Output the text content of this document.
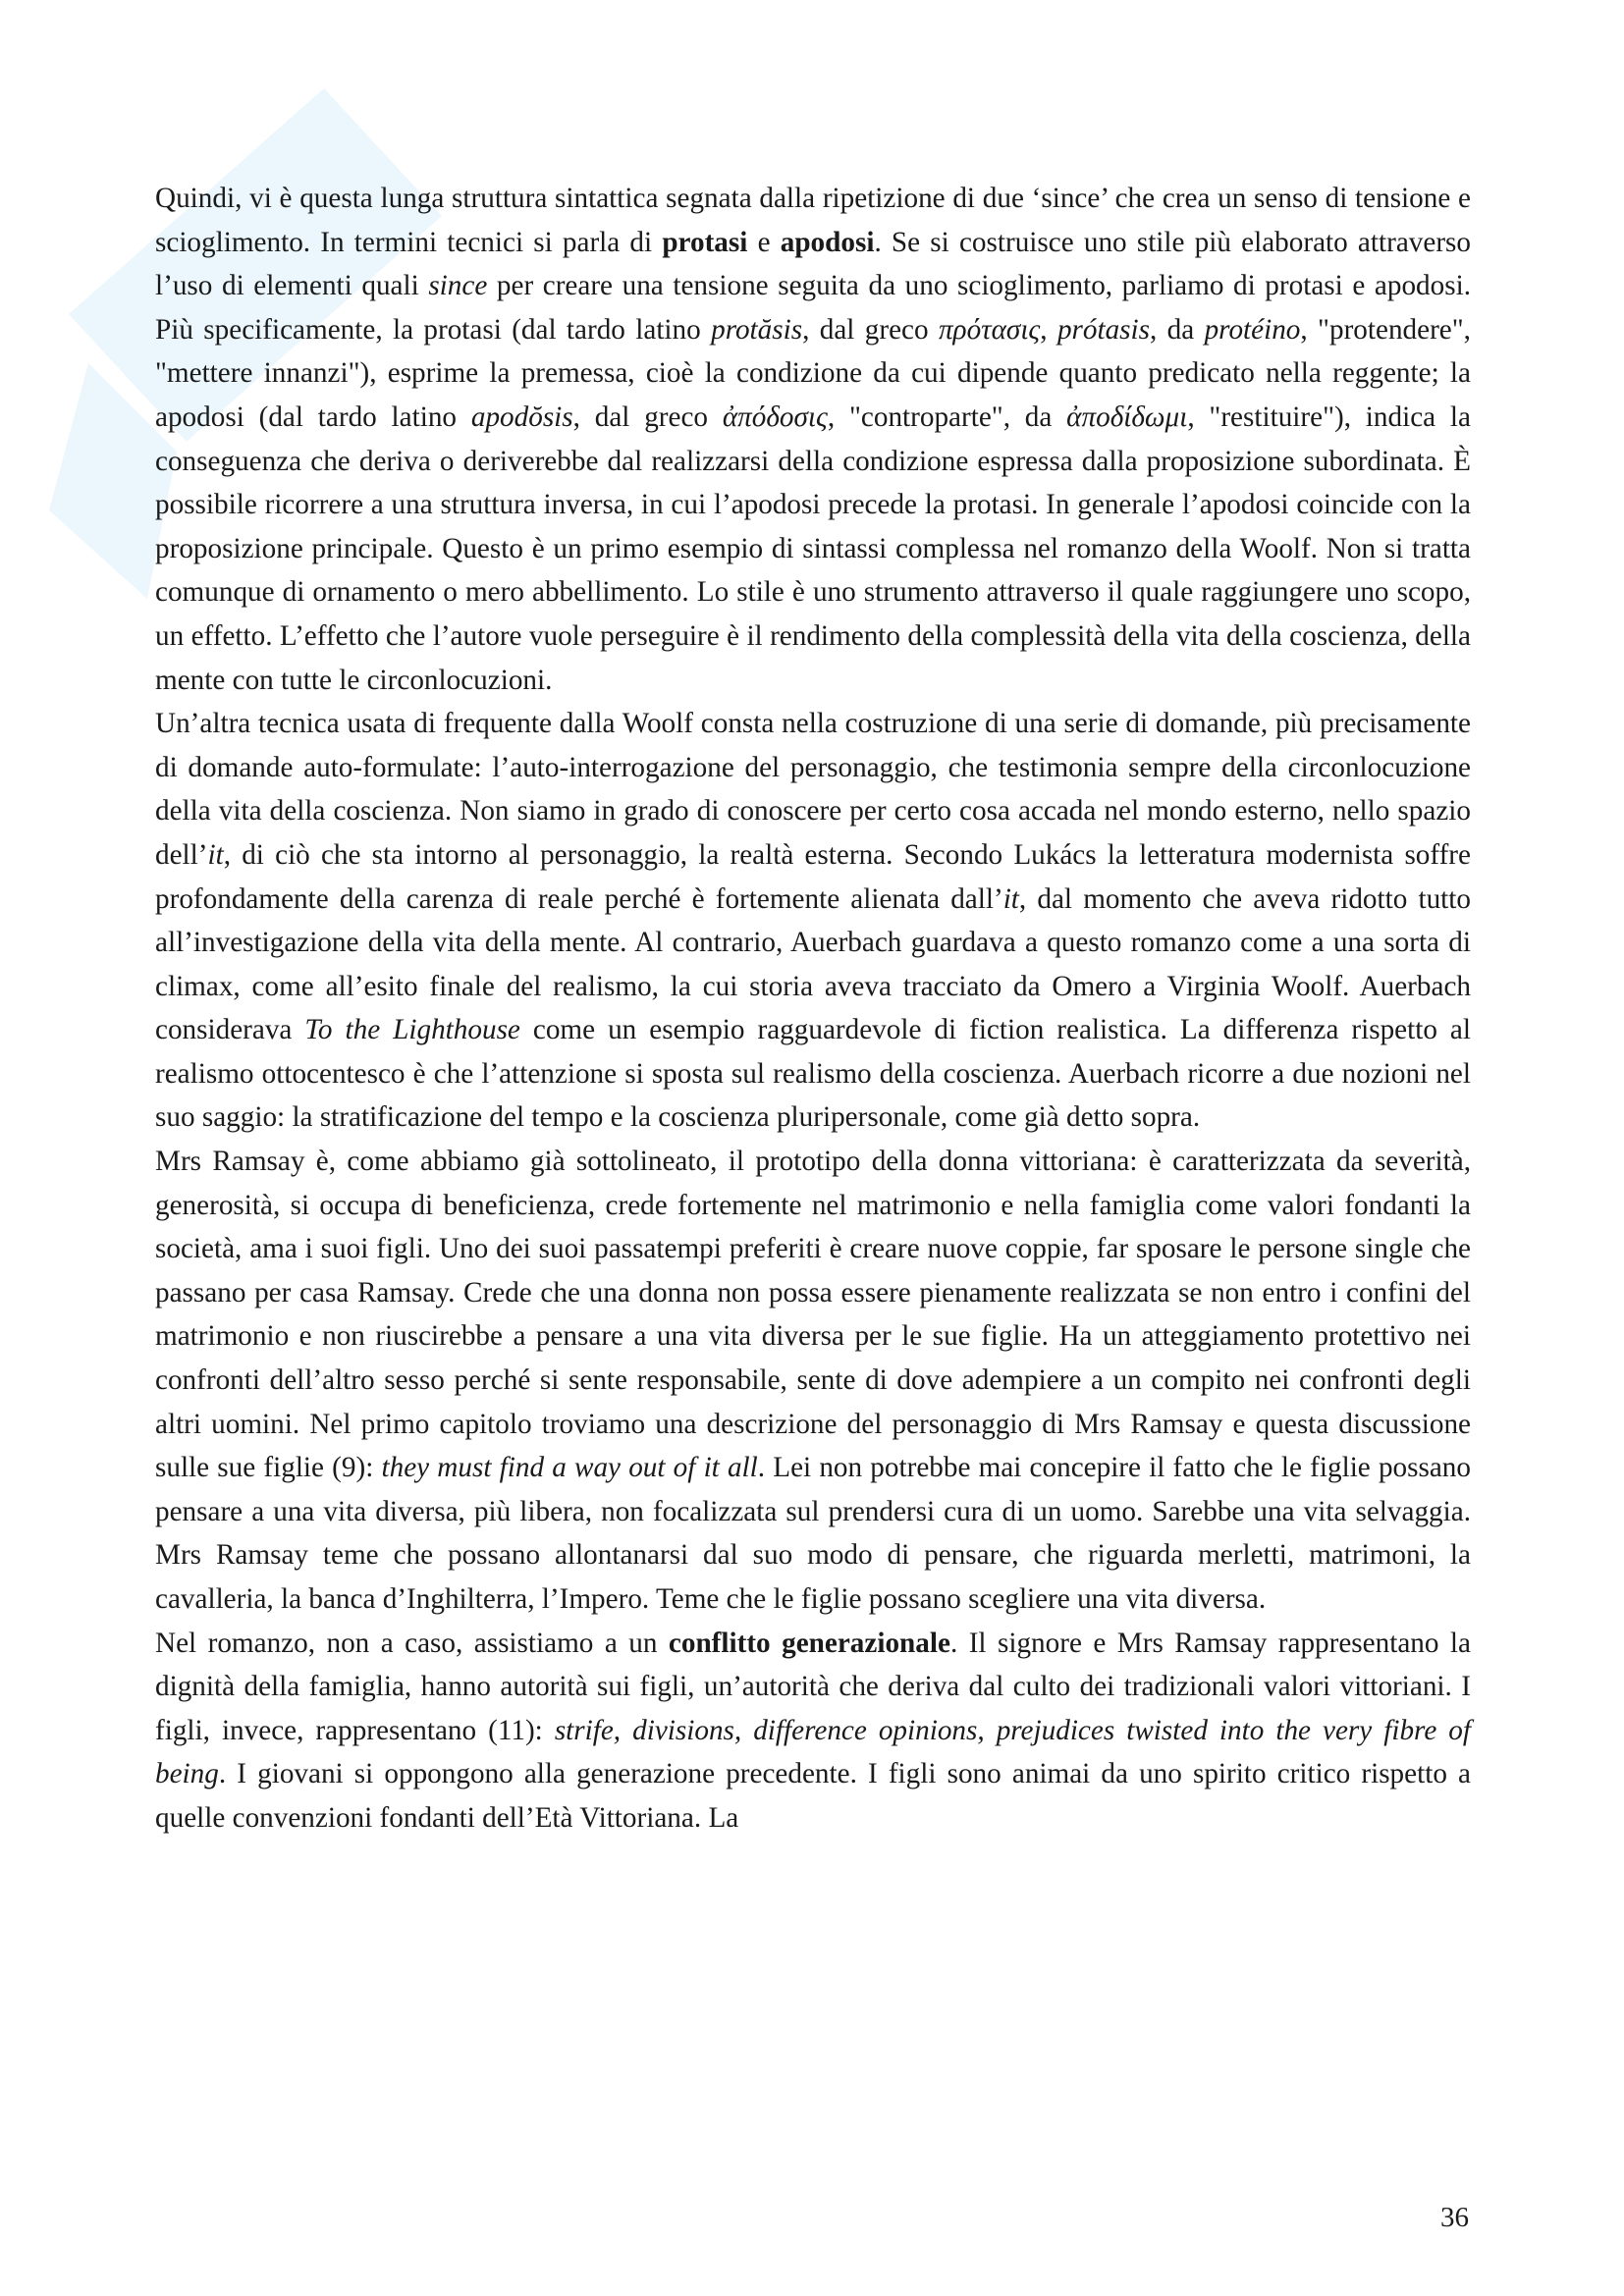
Quindi, vi è questa lunga struttura sintattica segnata dalla ripetizione di due ‘since’ che crea un senso di tensione e scioglimento. In termini tecnici si parla di protasi e apodosi. Se si costruisce uno stile più elaborato attraverso l’uso di elementi quali since per creare una tensione seguita da uno scioglimento, parliamo di protasi e apodosi. Più specificamente, la protasi (dal tardo latino protăsis, dal greco πρότασις, prótasis, da protéino, "protendere", "mettere innanzi"), esprime la premessa, cioè la condizione da cui dipende quanto predicato nella reggente; la apodosi (dal tardo latino apodŏsis, dal greco ἀπόδοσις, "controparte", da ἀποδίδωμι, "restituire"), indica la conseguenza che deriva o deriverebbe dal realizzarsi della condizione espressa dalla proposizione subordinata. È possibile ricorrere a una struttura inversa, in cui l’apodosi precede la protasi. In generale l’apodosi coincide con la proposizione principale. Questo è un primo esempio di sintassi complessa nel romanzo della Woolf. Non si tratta comunque di ornamento o mero abbellimento. Lo stile è uno strumento attraverso il quale raggiungere uno scopo, un effetto. L’effetto che l’autore vuole perseguire è il rendimento della complessità della vita della coscienza, della mente con tutte le circonlocuzioni.

Un’altra tecnica usata di frequente dalla Woolf consta nella costruzione di una serie di domande, più precisamente di domande auto-formulate: l’auto-interrogazione del personaggio, che testimonia sempre della circonlocuzione della vita della coscienza. Non siamo in grado di conoscere per certo cosa accada nel mondo esterno, nello spazio dell’it, di ciò che sta intorno al personaggio, la realtà esterna. Secondo Lukács la letteratura modernista soffre profondamente della carenza di reale perché è fortemente alienata dall’it, dal momento che aveva ridotto tutto all’investigazione della vita della mente. Al contrario, Auerbach guardava a questo romanzo come a una sorta di climax, come all’esito finale del realismo, la cui storia aveva tracciato da Omero a Virginia Woolf. Auerbach considerava To the Lighthouse come un esempio ragguardevole di fiction realistica. La differenza rispetto al realismo ottocentesco è che l’attenzione si sposta sul realismo della coscienza. Auerbach ricorre a due nozioni nel suo saggio: la stratificazione del tempo e la coscienza pluripersonale, come già detto sopra.

Mrs Ramsay è, come abbiamo già sottolineato, il prototipo della donna vittoriana: è caratterizzata da severità, generosità, si occupa di beneficienza, crede fortemente nel matrimonio e nella famiglia come valori fondanti la società, ama i suoi figli. Uno dei suoi passatempi preferiti è creare nuove coppie, far sposare le persone single che passano per casa Ramsay. Crede che una donna non possa essere pienamente realizzata se non entro i confini del matrimonio e non riuscirebbe a pensare a una vita diversa per le sue figlie. Ha un atteggiamento protettivo nei confronti dell’altro sesso perché si sente responsabile, sente di dove adempiere a un compito nei confronti degli altri uomini. Nel primo capitolo troviamo una descrizione del personaggio di Mrs Ramsay e questa discussione sulle sue figlie (9): they must find a way out of it all. Lei non potrebbe mai concepire il fatto che le figlie possano pensare a una vita diversa, più libera, non focalizzata sul prendersi cura di un uomo. Sarebbe una vita selvaggia. Mrs Ramsay teme che possano allontanarsi dal suo modo di pensare, che riguarda merletti, matrimoni, la cavalleria, la banca d’Inghilterra, l’Impero. Teme che le figlie possano scegliere una vita diversa.

Nel romanzo, non a caso, assistiamo a un conflitto generazionale. Il signore e Mrs Ramsay rappresentano la dignità della famiglia, hanno autorità sui figli, un’autorità che deriva dal culto dei tradizionali valori vittoriani. I figli, invece, rappresentano (11): strife, divisions, difference opinions, prejudices twisted into the very fibre of being. I giovani si oppongono alla generazione precedente. I figli sono animai da uno spirito critico rispetto a quelle convenzioni fondanti dell’Età Vittoriana. La

36
